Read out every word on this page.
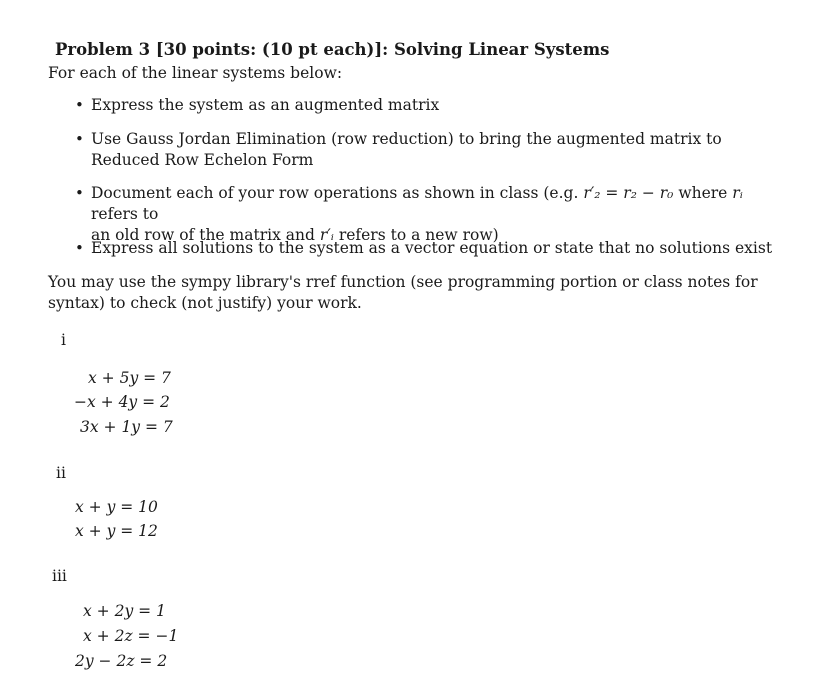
Problem 3 [30 points: (10 pt each)]: Solving Linear Systems
For each of the linear systems below:
• Express the system as an augmented matrix
• Use Gauss Jordan Elimination (row reduction) to bring the augmented matrix to Reduced Row Echelon Form
• Document each of your row operations as shown in class (e.g. r′₂ = r₂ − r₀ where rᵢ refers to
an old row of the matrix and r′ᵢ refers to a new row)
• Express all solutions to the system as a vector equation or state that no solutions exist
You may use the sympy library's rref function (see programming portion or class notes for syntax) to check (not justify) your work.
i
x + 5y = 7
−x + 4y = 2
3x + 1y = 7
ii
x + y = 10
x + y = 12
iii
x + 2y = 1
x + 2z = −1
2y − 2z = 2
